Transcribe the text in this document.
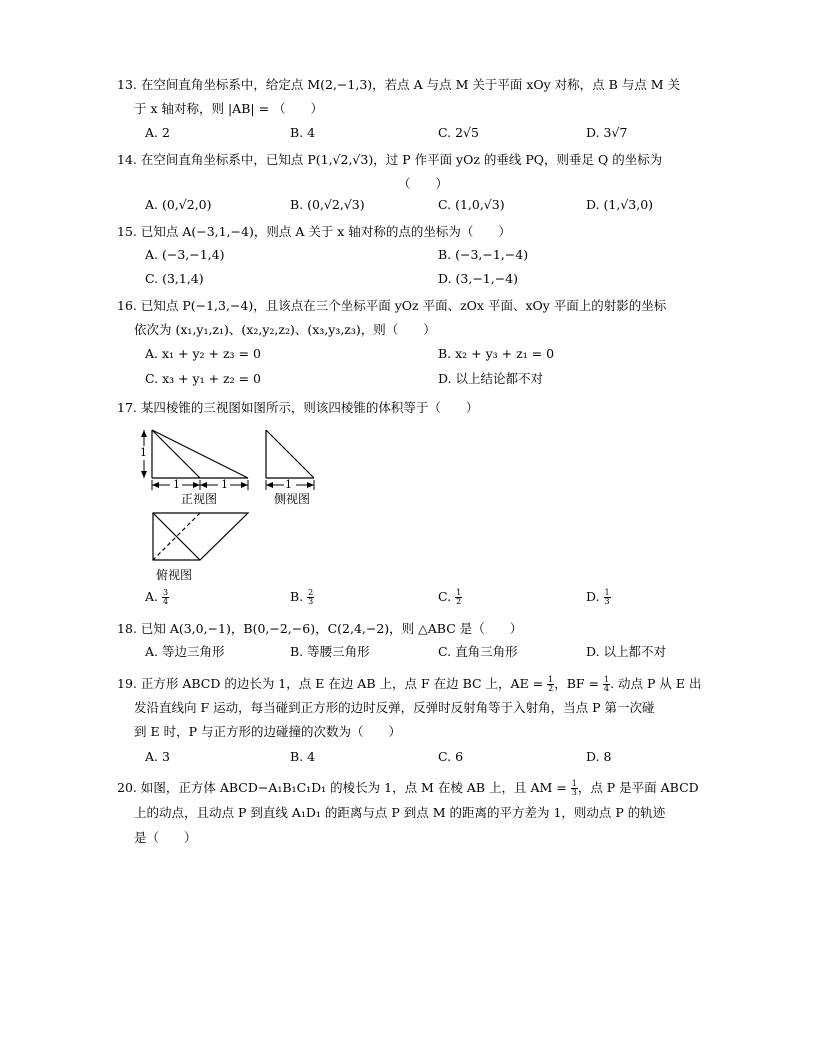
13. 在空间直角坐标系中，给定点 M(2,−1,3)，若点 A 与点 M 关于平面 xOy 对称，点 B 与点 M 关
于 x 轴对称，则 |AB| = （　　）
A. 2	B. 4	C. 2√5	D. 3√7
14. 在空间直角坐标系中，已知点 P(1,√2,√3)，过 P 作平面 yOz 的垂线 PQ，则垂足 Q 的坐标为
（　　）
A. (0,√2,0)	B. (0,√2,√3)	C. (1,0,√3)	D. (1,√3,0)
15. 已知点 A(−3,1,−4)，则点 A 关于 x 轴对称的点的坐标为（　　）
A. (−3,−1,4)	B. (−3,−1,−4)
C. (3,1,4)	D. (3,−1,−4)
16. 已知点 P(−1,3,−4)，且该点在三个坐标平面 yOz 平面、zOx 平面、xOy 平面上的射影的坐标
依次为 (x₁,y₁,z₁)、(x₂,y₂,z₂)、(x₃,y₃,z₃)，则（　　）
A. x₁ + y₂ + z₃ = 0	B. x₂ + y₃ + z₁ = 0
C. x₃ + y₁ + z₂ = 0	D. 以上结论都不对
17. 某四棱锥的三视图如图所示，则该四棱锥的体积等于（　　）
1
1	1
正视图
1
侧视图
俯视图
A. $\frac{3}{4}$	B. $\frac{2}{3}$	C. $\frac{1}{2}$	D. $\frac{1}{3}$
18. 已知 A(3,0,−1)，B(0,−2,−6)，C(2,4,−2)，则 △ABC 是（　　）
A. 等边三角形	B. 等腰三角形	C. 直角三角形	D. 以上都不对
19. 正方形 ABCD 的边长为 1，点 E 在边 AB 上，点 F 在边 BC 上，AE = $\frac{1}{2}$ ，BF = $\frac{1}{4}$ . 动点 P 从 E 出
发沿直线向 F 运动，每当碰到正方形的边时反弹，反弹时反射角等于入射角，当点 P 第一次碰
到 E 时，P 与正方形的边碰撞的次数为（　　）
A. 3	B. 4	C. 6	D. 8
20. 如图，正方体 ABCD−A₁B₁C₁D₁ 的棱长为 1，点 M 在棱 AB 上，且 AM = $\frac{1}{3}$ ，点 P 是平面 ABCD
上的动点，且动点 P 到直线 A₁D₁ 的距离与点 P 到点 M 的距离的平方差为 1，则动点 P 的轨迹
是（　　）
